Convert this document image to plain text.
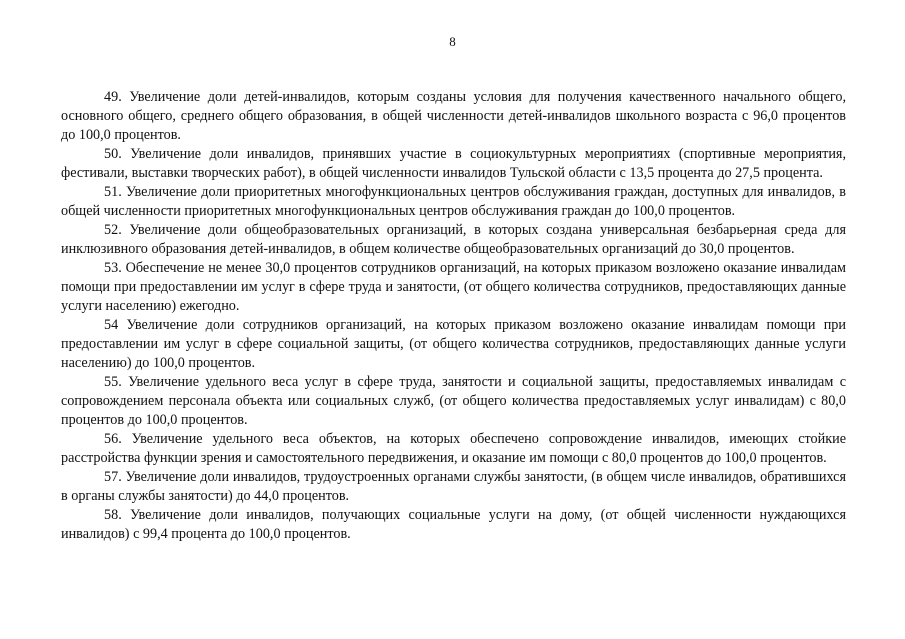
8

49. Увеличение доли детей-инвалидов, которым созданы условия для получения качественного начального общего, основного общего, среднего общего образования, в общей численности детей-инвалидов школьного возраста с 96,0 процентов до 100,0 процентов.

50. Увеличение доли инвалидов, принявших участие в социокультурных мероприятиях (спортивные мероприятия, фестивали, выставки творческих работ), в общей численности инвалидов Тульской области с 13,5 процента до 27,5 процента.

51. Увеличение доли приоритетных многофункциональных центров обслуживания граждан, доступных для инвалидов, в общей численности приоритетных многофункциональных центров обслуживания граждан до 100,0 процентов.

52. Увеличение доли общеобразовательных организаций, в которых создана универсальная безбарьерная среда для инклюзивного образования детей-инвалидов, в общем количестве общеобразовательных организаций до 30,0 процентов.

53. Обеспечение не менее 30,0 процентов сотрудников организаций, на которых приказом возложено оказание инвалидам помощи при предоставлении им услуг в сфере труда и занятости, (от общего количества сотрудников, предоставляющих данные услуги населению) ежегодно.

54 Увеличение доли сотрудников организаций, на которых приказом возложено оказание инвалидам помощи при предоставлении им услуг в сфере социальной защиты, (от общего количества сотрудников, предоставляющих данные услуги населению) до 100,0 процентов.

55. Увеличение удельного веса услуг в сфере труда, занятости и социальной защиты, предоставляемых инвалидам с сопровождением персонала объекта или социальных служб, (от общего количества предоставляемых услуг инвалидам) с 80,0 процентов до 100,0 процентов.

56. Увеличение удельного веса объектов, на которых обеспечено сопровождение инвалидов, имеющих стойкие расстройства функции зрения и самостоятельного передвижения, и оказание им помощи с 80,0 процентов до 100,0 процентов.

57. Увеличение доли инвалидов, трудоустроенных органами службы занятости, (в общем числе инвалидов, обратившихся в органы службы занятости) до 44,0 процентов.

58. Увеличение доли инвалидов, получающих социальные услуги на дому, (от общей численности нуждающихся инвалидов) с 99,4 процента до 100,0 процентов.
